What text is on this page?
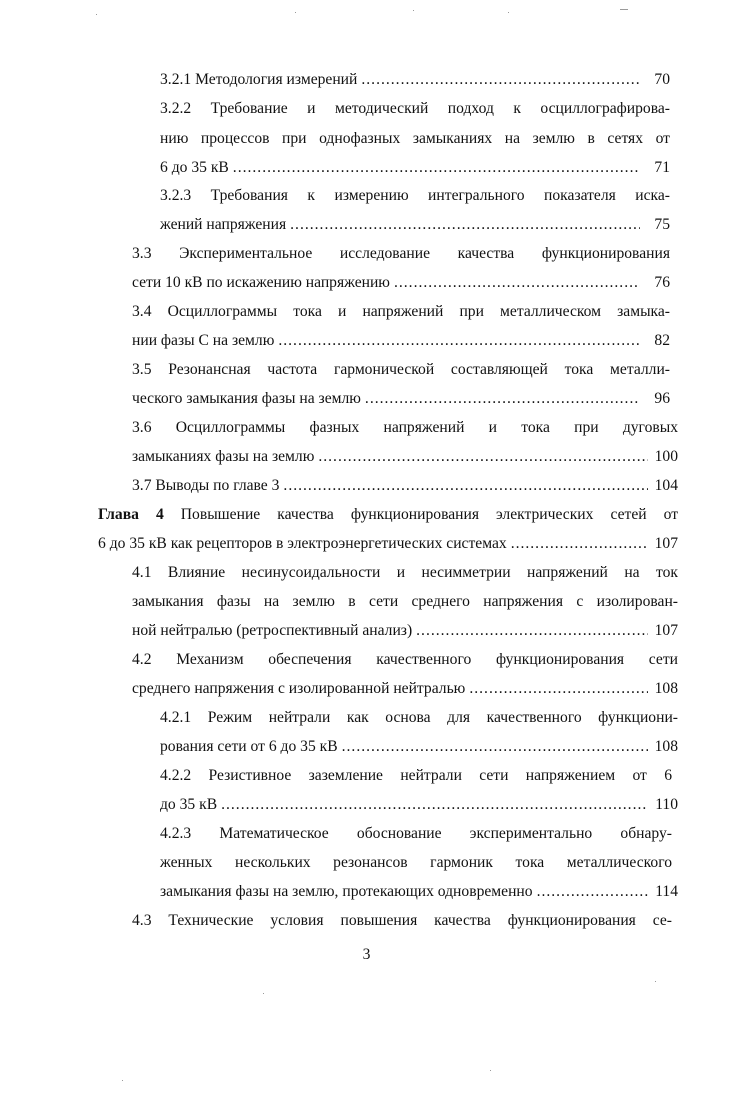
3.2.1 Методология измерений .....	70
3.2.2 Требование и методический подход к осциллографирова-
нию процессов при однофазных замыканиях на землю в сетях от
6 до 35 кВ .....	71
3.2.3 Требования к измерению интегрального показателя иска-
жений напряжения .....	75
3.3 Экспериментальное исследование качества функционирования
сети 10 кВ по искажению напряжению .....	76
3.4 Осциллограммы тока и напряжений при металлическом замыка-
нии фазы С на землю .....	82
3.5 Резонансная частота гармонической составляющей тока металли-
ческого замыкания фазы на землю .....	96
3.6 Осциллограммы фазных напряжений и тока при дуговых
замыканиях фазы на землю .....	100
3.7 Выводы по главе 3 .....	104
Глава 4 Повышение качества функционирования электрических сетей от
6 до 35 кВ как рецепторов в электроэнергетических системах .....	107
4.1 Влияние несинусоидальности и несимметрии напряжений на ток
замыкания фазы на землю в сети среднего напряжения с изолирован-
ной нейтралью (ретроспективный анализ) .....	107
4.2 Механизм обеспечения качественного функционирования сети
среднего напряжения с изолированной нейтралью .....	108
4.2.1 Режим нейтрали как основа для качественного функциони-
рования сети от 6 до 35 кВ .....	108
4.2.2 Резистивное заземление нейтрали сети напряжением от 6
до 35 кВ .....	110
4.2.3 Математическое обоснование экспериментально обнару-
женных нескольких резонансов гармоник тока металлического
замыкания фазы на землю, протекающих одновременно .....	114
4.3 Технические условия повышения качества функционирования се-
3
